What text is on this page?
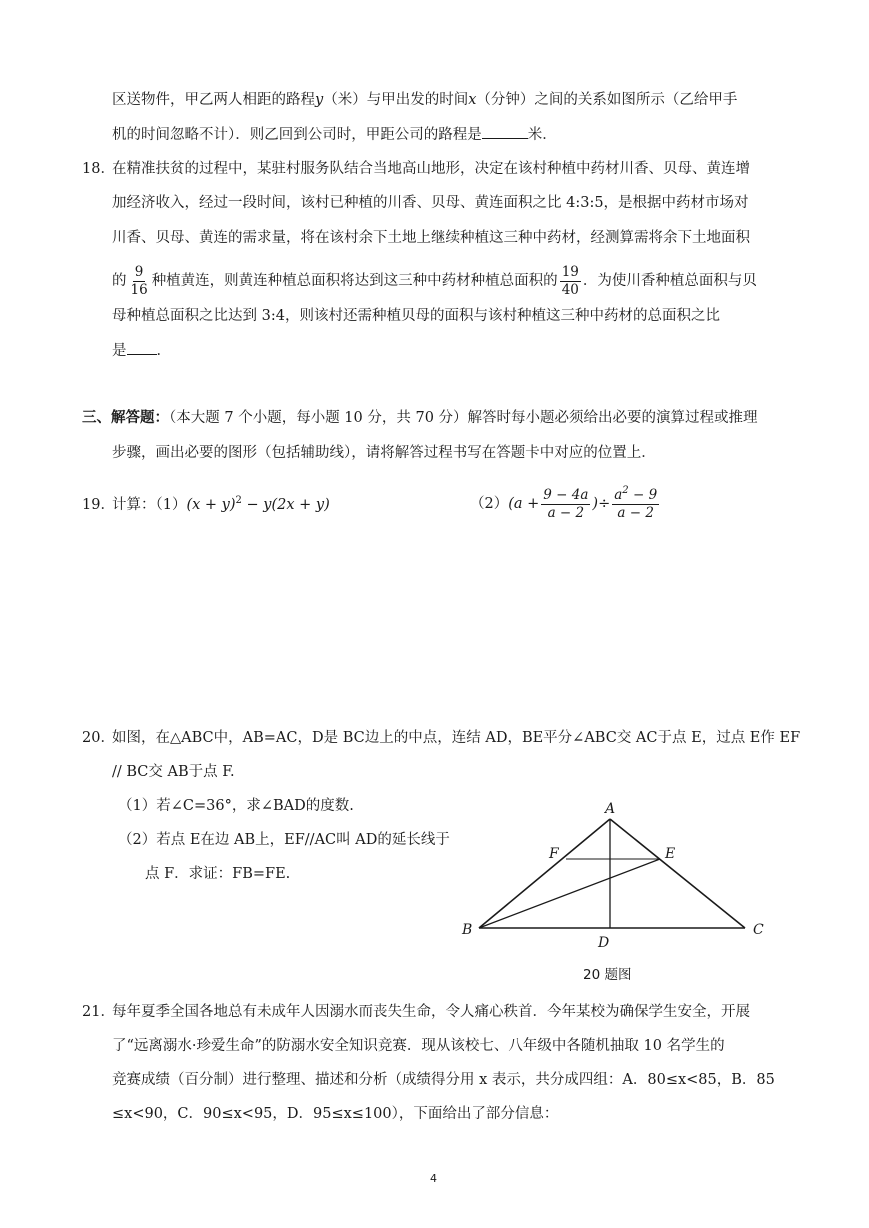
区送物件，甲乙两人相距的路程y（米）与甲出发的时间x（分钟）之间的关系如图所示（乙给甲手
机的时间忽略不计）．则乙回到公司时，甲距公司的路程是	米．
18．
在精准扶贫的过程中，某驻村服务队结合当地高山地形，决定在该村种植中药材川香、贝母、黄连增
加经济收入，经过一段时间，该村已种植的川香、贝母、黄连面积之比 4:3:5，是根据中药材市场对
川香、贝母、黄连的需求量，将在该村余下土地上继续种植这三种中药材，经测算需将余下土地面积
的 $\frac{9}{16}$ 种植黄连，则黄连种植总面积将达到这三种中药材种植总面积的 $\frac{19}{40}$ ．为使川香种植总面积与贝
母种植总面积之比达到 3:4，则该村还需种植贝母的面积与该村种植这三种中药材的总面积之比
是 ．
三、解答题：（本大题 7 个小题，每小题 10 分，共 70 分）解答时每小题必须给出必要的演算过程或推理
步骤，画出必要的图形（包括辅助线），请将解答过程书写在答题卡中对应的位置上．
19．
计算：$(1)(x + y)^2 - y(2x + y)$	$(2)(a + \frac{9 - 4a}{a - 2}$ )÷ $\frac{a^2 - 9}{a - 2}$
20．
如图，在△ABC中，AB=AC，D是 BC边上的中点，连结 AD，BE平分∠ABC交 AC于点 E，过点 E作 EF
// BC交 AB于点 F.
（1）若∠C=36°，求∠BAD的度数.
（2）若点 E在边 AB上，EF//AC叫 AD的延长线于
点 F．求证：FB=FE.
A
B	C
D
E
F
20 题图
21．
每年夏季全国各地总有未成年人因溺水而丧失生命，令人痛心秩首．今年某校为确保学生安全，开展
了“远离溺水·珍爱生命”的防溺水安全知识竞赛．现从该校七、八年级中各随机抽取 10 名学生的
竞赛成绩（百分制）进行整理、描述和分析（成绩得分用 x 表示，共分成四组：A．80≤x<85，B．85
≤x<90，C．90≤x<95，D．95≤x≤100），下面给出了部分信息：
4
